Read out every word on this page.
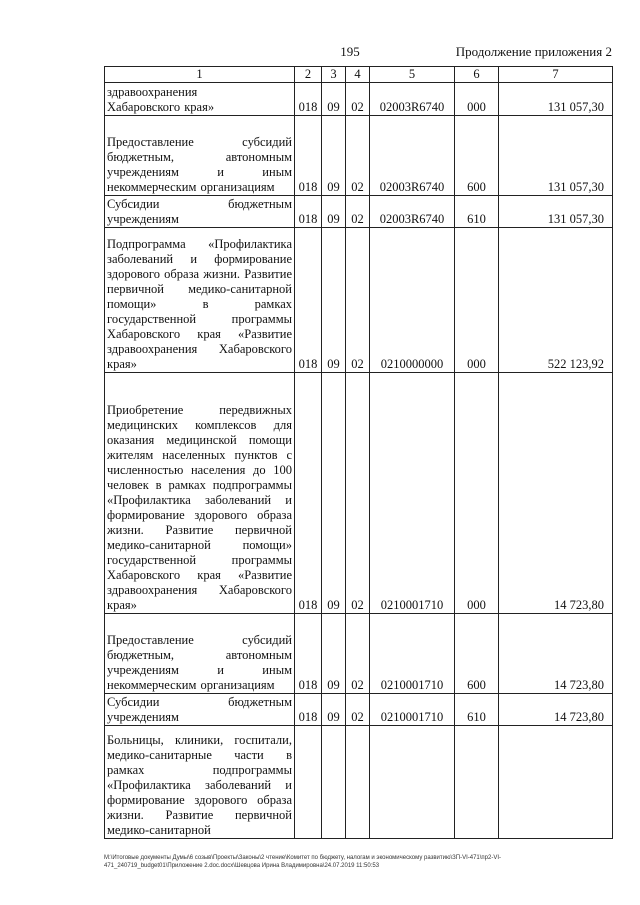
195	Продолжение приложения 2
1	2	3	4	5	6	7
здравоохранения
Хабаровского края»	018	09	02	02003R6740	000	131 057,30
Предоставление субсидий бюджетным, автономным учреждениям и иным некоммерческим организациям	018	09	02	02003R6740	600	131 057,30
Субсидии бюджетным учреждениям	018	09	02	02003R6740	610	131 057,30
Подпрограмма «Профилактика заболеваний и формирование здорового образа жизни. Развитие первичной медико-санитарной помощи» в рамках государственной программы Хабаровского края «Развитие здравоохранения Хабаровского края»	018	09	02	0210000000	000	522 123,92
Приобретение передвижных медицинских комплексов для оказания медицинской помощи жителям населенных пунктов с численностью населения до 100 человек в рамках подпрограммы «Профилактика заболеваний и формирование здорового образа жизни. Развитие первичной медико-санитарной помощи» государственной программы Хабаровского края «Развитие здравоохранения Хабаровского края»	018	09	02	0210001710	000	14 723,80
Предоставление субсидий бюджетным, автономным учреждениям и иным некоммерческим организациям	018	09	02	0210001710	600	14 723,80
Субсидии бюджетным учреждениям	018	09	02	0210001710	610	14 723,80
Больницы, клиники, госпитали, медико-санитарные части в рамках подпрограммы «Профилактика заболеваний и формирование здорового образа жизни. Развитие первичной медико-санитарной						
M:\Итоговые документы Думы\6 созыв\Проекты\Законы\2 чтение\Комитет по бюджету, налогам и экономическому развитию\ЗП-VI-471\пр2-VI-
471_240719_budget01\Приложение 2.doc.docx\Шевцова Ирина Владимировна\24.07.2019 11:50:53
